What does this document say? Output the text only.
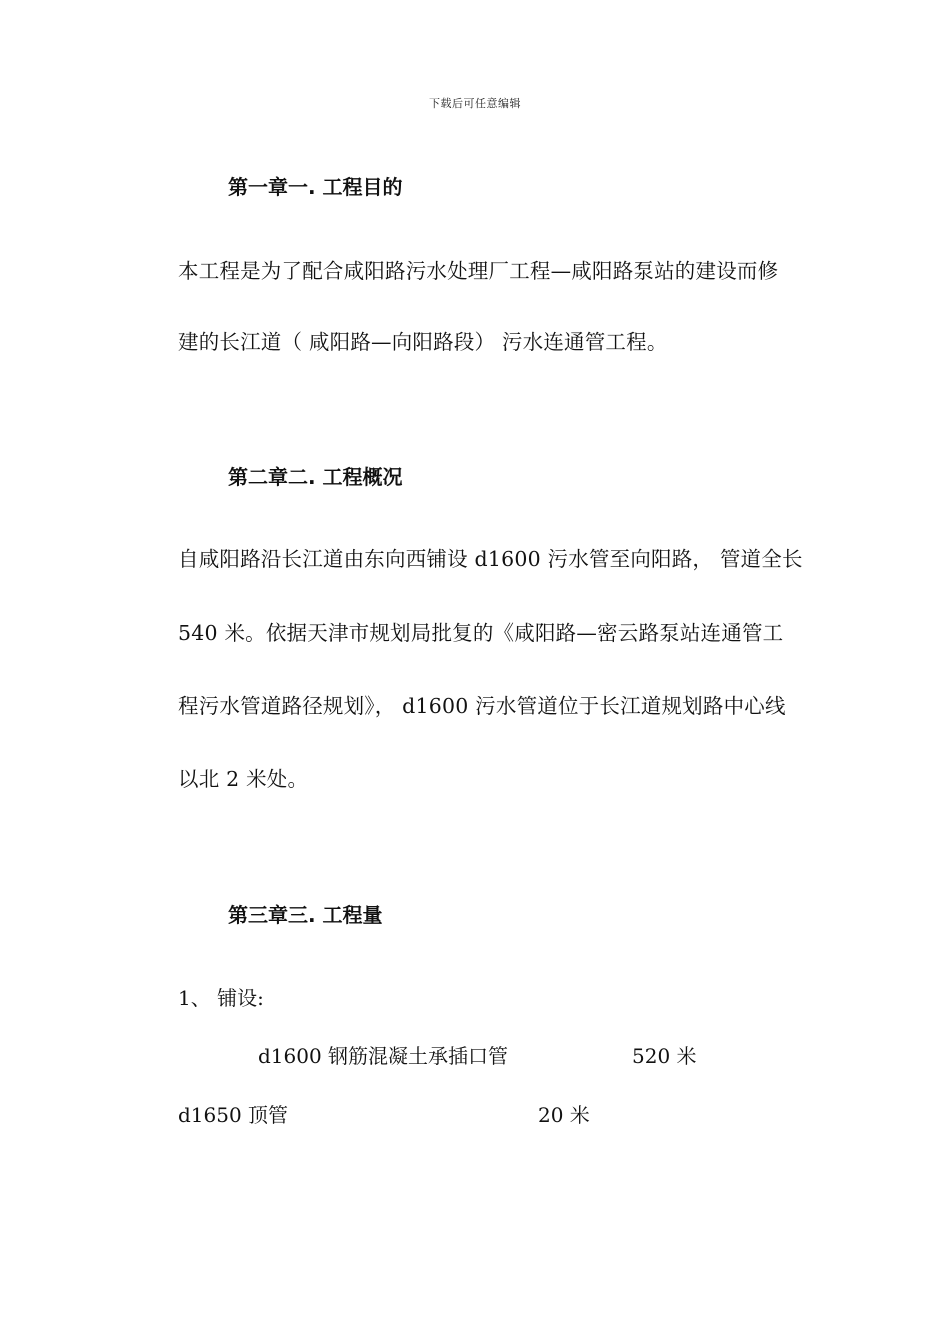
下载后可任意编辑
第一章一. 工程目的
本工程是为了配合咸阳路污水处理厂工程—咸阳路泵站的建设而修
建的长江道（ 咸阳路—向阳路段） 污水连通管工程。
第二章二. 工程概况
自咸阳路沿长江道由东向西铺设 d1600 污水管至向阳路， 管道全长
540 米。依据天津市规划局批复的《咸阳路—密云路泵站连通管工
程污水管道路径规划》， d1600 污水管道位于长江道规划路中心线
以北 2 米处。
第三章三. 工程量
1、 铺设:
d1600 钢筋混凝土承插口管	520 米
d1650 顶管	20 米
